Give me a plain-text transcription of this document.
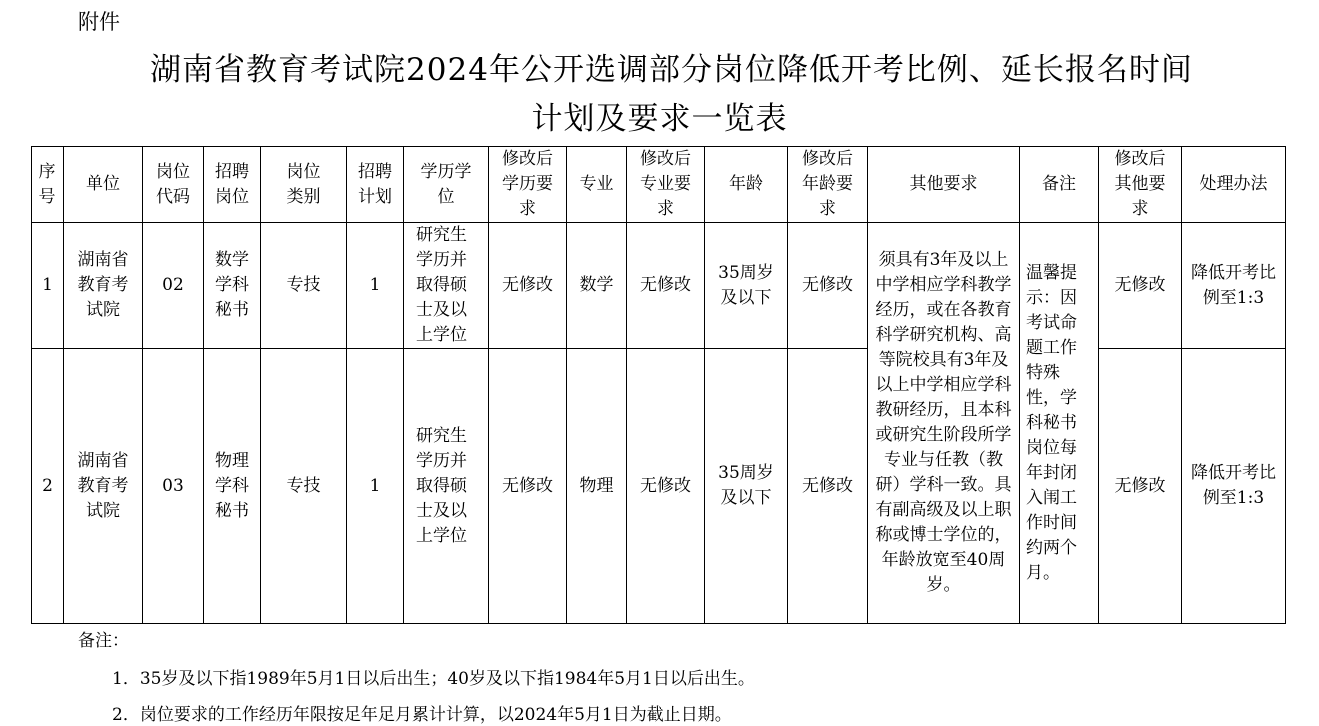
附件
湖南省教育考试院2024年公开选调部分岗位降低开考比例、延长报名时间
计划及要求一览表
序号	单位	岗位代码	招聘岗位	岗位类别	招聘计划	学历学位	修改后学历要求	专业	修改后专业要求	年龄	修改后年龄要求	其他要求	备注	修改后其他要求	处理办法
1	湖南省教育考试院	02	数学学科秘书	专技	1	研究生学历并取得硕士及以上学位	无修改	数学	无修改	35周岁及以下	无修改	须具有3年及以上中学相应学科教学经历，或在各教育科学研究机构、高等院校具有3年及以上中学相应学科教研经历，且本科或研究生阶段所学专业与任教（教研）学科一致。具有副高级及以上职称或博士学位的，年龄放宽至40周岁。	温馨提示：因考试命题工作特殊性，学科秘书岗位每年封闭入闱工作时间约两个月。	无修改	降低开考比例至1:3
2	湖南省教育考试院	03	物理学科秘书	专技	1	研究生学历并取得硕士及以上学位	无修改	物理	无修改	35周岁及以下	无修改			无修改	降低开考比例至1:3
备注：
1．35岁及以下指1989年5月1日以后出生；40岁及以下指1984年5月1日以后出生。
2．岗位要求的工作经历年限按足年足月累计计算，以2024年5月1日为截止日期。
